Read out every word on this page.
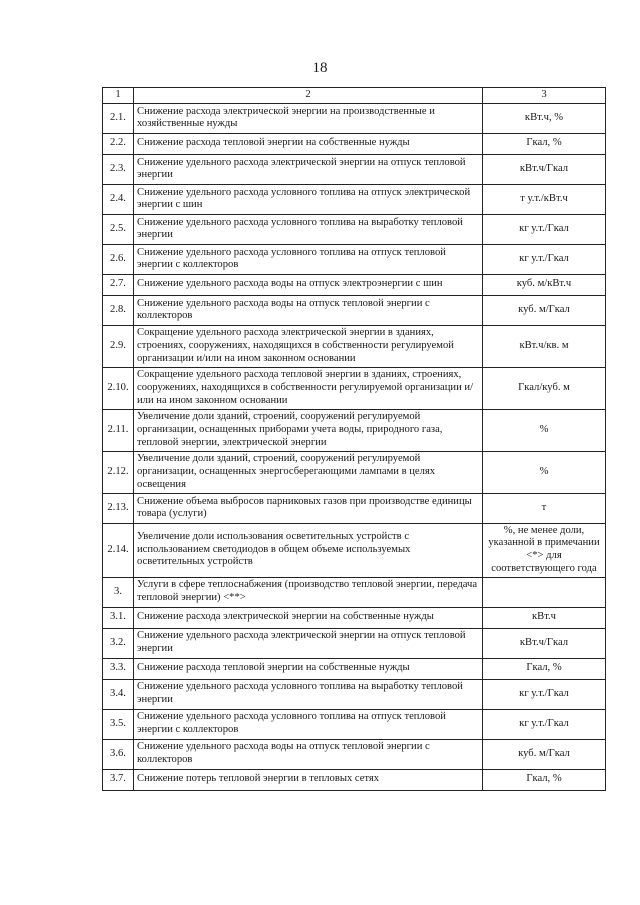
18
1	2	3
2.1.	Снижение расхода электрической энергии на производственные и хозяйственные нужды	кВт.ч, %
2.2.	Снижение расхода тепловой энергии на собственные нужды	Гкал, %
2.3.	Снижение удельного расхода электрической энергии на отпуск тепловой энергии	кВт.ч/Гкал
2.4.	Снижение удельного расхода условного топлива на отпуск электрической энергии с шин	т у.т./кВт.ч
2.5.	Снижение удельного расхода условного топлива на выработку тепловой энергии	кг у.т./Гкал
2.6.	Снижение удельного расхода условного топлива на отпуск тепловой энергии с коллекторов	кг у.т./Гкал
2.7.	Снижение удельного расхода воды на отпуск электроэнергии с шин	куб. м/кВт.ч
2.8.	Снижение удельного расхода воды на отпуск тепловой энергии с коллекторов	куб. м/Гкал
2.9.	Сокращение удельного расхода электрической энергии в зданиях, строениях, сооружениях, находящихся в собственности регулируемой организации и/или на ином законном основании	кВт.ч/кв. м
2.10.	Сокращение удельного расхода тепловой энергии в зданиях, строениях, сооружениях, находящихся в собственности регулируемой организации и/или на ином законном основании	Гкал/куб. м
2.11.	Увеличение доли зданий, строений, сооружений регулируемой организации, оснащенных приборами учета воды, природного газа, тепловой энергии, электрической энергии	%
2.12.	Увеличение доли зданий, строений, сооружений регулируемой организации, оснащенных энергосберегающими лампами в целях освещения	%
2.13.	Снижение объема выбросов парниковых газов при производстве единицы товара (услуги)	т
2.14.	Увеличение доли использования осветительных устройств с использованием светодиодов в общем объеме используемых осветительных устройств	%, не менее доли, указанной в примечании <*> для соответствующего года
3.	Услуги в сфере теплоснабжения (производство тепловой энергии, передача тепловой энергии) <**>	
3.1.	Снижение расхода электрической энергии на собственные нужды	кВт.ч
3.2.	Снижение удельного расхода электрической энергии на отпуск тепловой энергии	кВт.ч/Гкал
3.3.	Снижение расхода тепловой энергии на собственные нужды	Гкал, %
3.4.	Снижение удельного расхода условного топлива на выработку тепловой энергии	кг у.т./Гкал
3.5.	Снижение удельного расхода условного топлива на отпуск тепловой энергии с коллекторов	кг у.т./Гкал
3.6.	Снижение удельного расхода воды на отпуск тепловой энергии с коллекторов	куб. м/Гкал
3.7.	Снижение потерь тепловой энергии в тепловых сетях	Гкал, %
